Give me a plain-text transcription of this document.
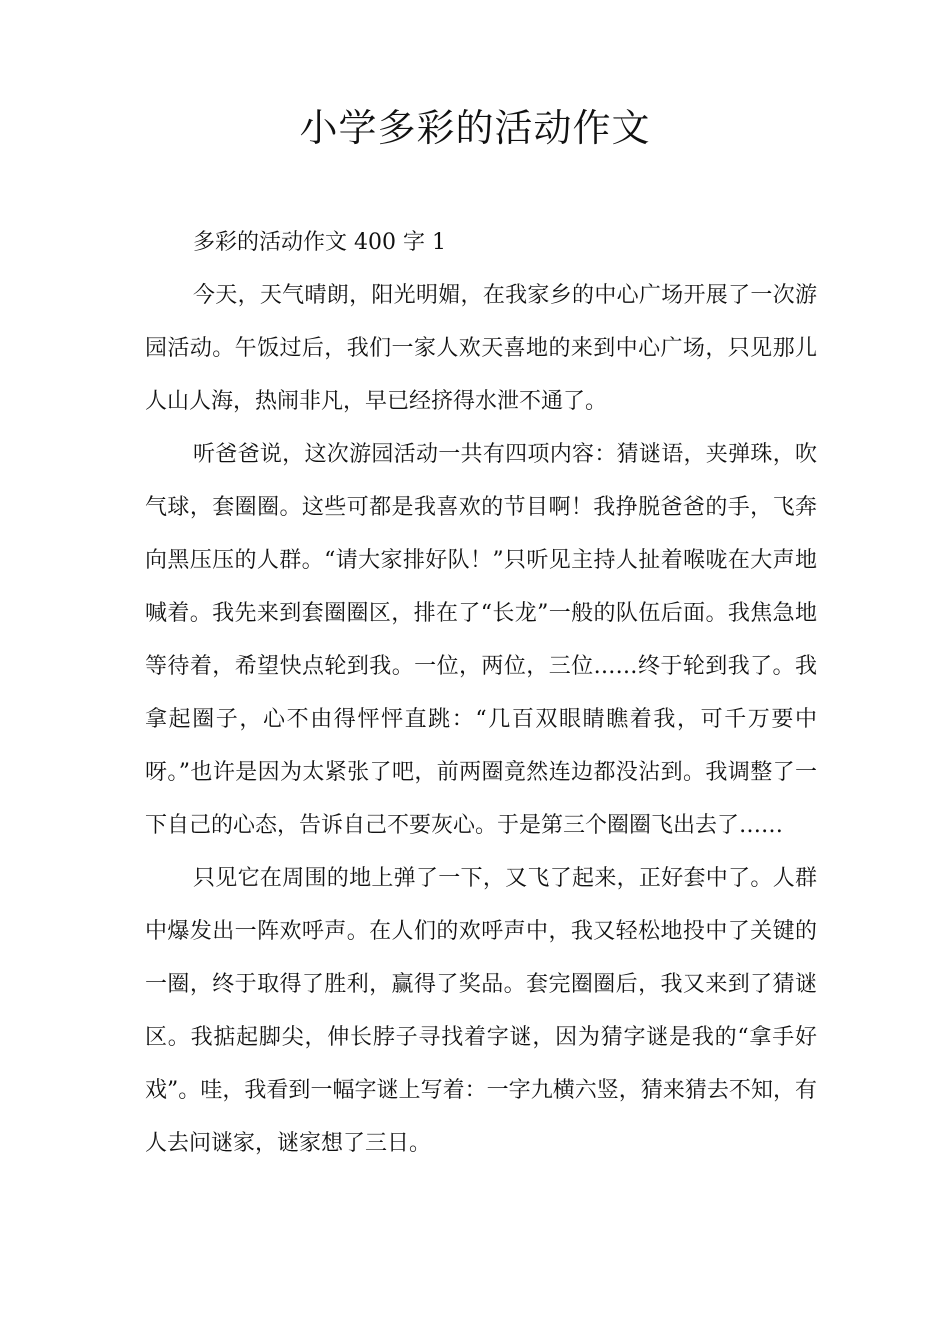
小学多彩的活动作文

多彩的活动作文 400 字 1

今天，天气晴朗，阳光明媚，在我家乡的中心广场开展了一次游园活动。午饭过后，我们一家人欢天喜地的来到中心广场，只见那儿人山人海，热闹非凡，早已经挤得水泄不通了。

听爸爸说，这次游园活动一共有四项内容：猜谜语，夹弹珠，吹气球，套圈圈。这些可都是我喜欢的节目啊！我挣脱爸爸的手，飞奔向黑压压的人群。“请大家排好队！”只听见主持人扯着喉咙在大声地喊着。我先来到套圈圈区，排在了“长龙”一般的队伍后面。我焦急地等待着，希望快点轮到我。一位，两位，三位……终于轮到我了。我拿起圈子，心不由得怦怦直跳：“几百双眼睛瞧着我，可千万要中呀。”也许是因为太紧张了吧，前两圈竟然连边都没沾到。我调整了一下自己的心态，告诉自己不要灰心。于是第三个圈圈飞出去了……

只见它在周围的地上弹了一下，又飞了起来，正好套中了。人群中爆发出一阵欢呼声。在人们的欢呼声中，我又轻松地投中了关键的一圈，终于取得了胜利，赢得了奖品。套完圈圈后，我又来到了猜谜区。我掂起脚尖，伸长脖子寻找着字谜，因为猜字谜是我的“拿手好戏”。哇，我看到一幅字谜上写着：一字九横六竖，猜来猜去不知，有人去问谜家，谜家想了三日。
